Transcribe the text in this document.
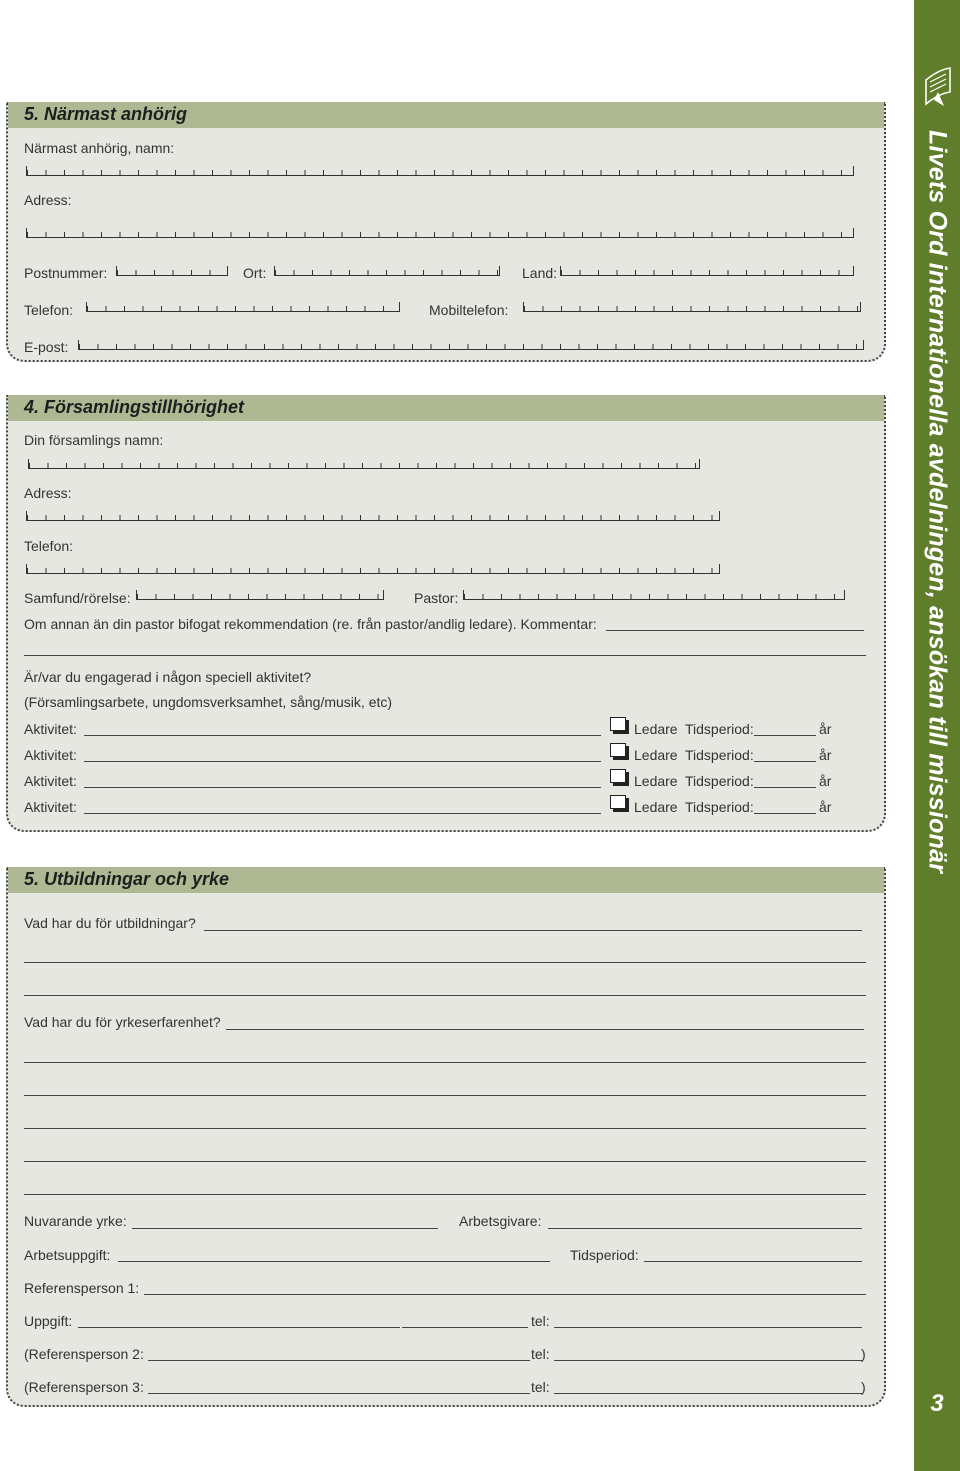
Livets Ord internationella avdelningen, ansökan till missionär
3
5. Närmast anhörig
Närmast anhörig, namn:
Adress:
Postnummer:	Ort:	Land:
Telefon:	Mobiltelefon:
E-post:
4. Församlingstillhörighet
Din församlings namn:
Adress:
Telefon:
Samfund/rörelse:	Pastor:
Om annan än din pastor bifogat rekommendation (re. från pastor/andlig ledare). Kommentar:
Är/var du engagerad i någon speciell aktivitet?
(Församlingsarbete, ungdomsverksamhet, sång/musik, etc)
Aktivitet:	Ledare Tidsperiod:	år
Aktivitet:	Ledare Tidsperiod:	år
Aktivitet:	Ledare Tidsperiod:	år
Aktivitet:	Ledare Tidsperiod:	år
5. Utbildningar och yrke
Vad har du för utbildningar?
Vad har du för yrkeserfarenhet?
Nuvarande yrke:	Arbetsgivare:
Arbetsuppgift:	Tidsperiod:
Referensperson 1:
Uppgift:	tel:
(Referensperson 2:	tel:	)
(Referensperson 3:	tel:	)
